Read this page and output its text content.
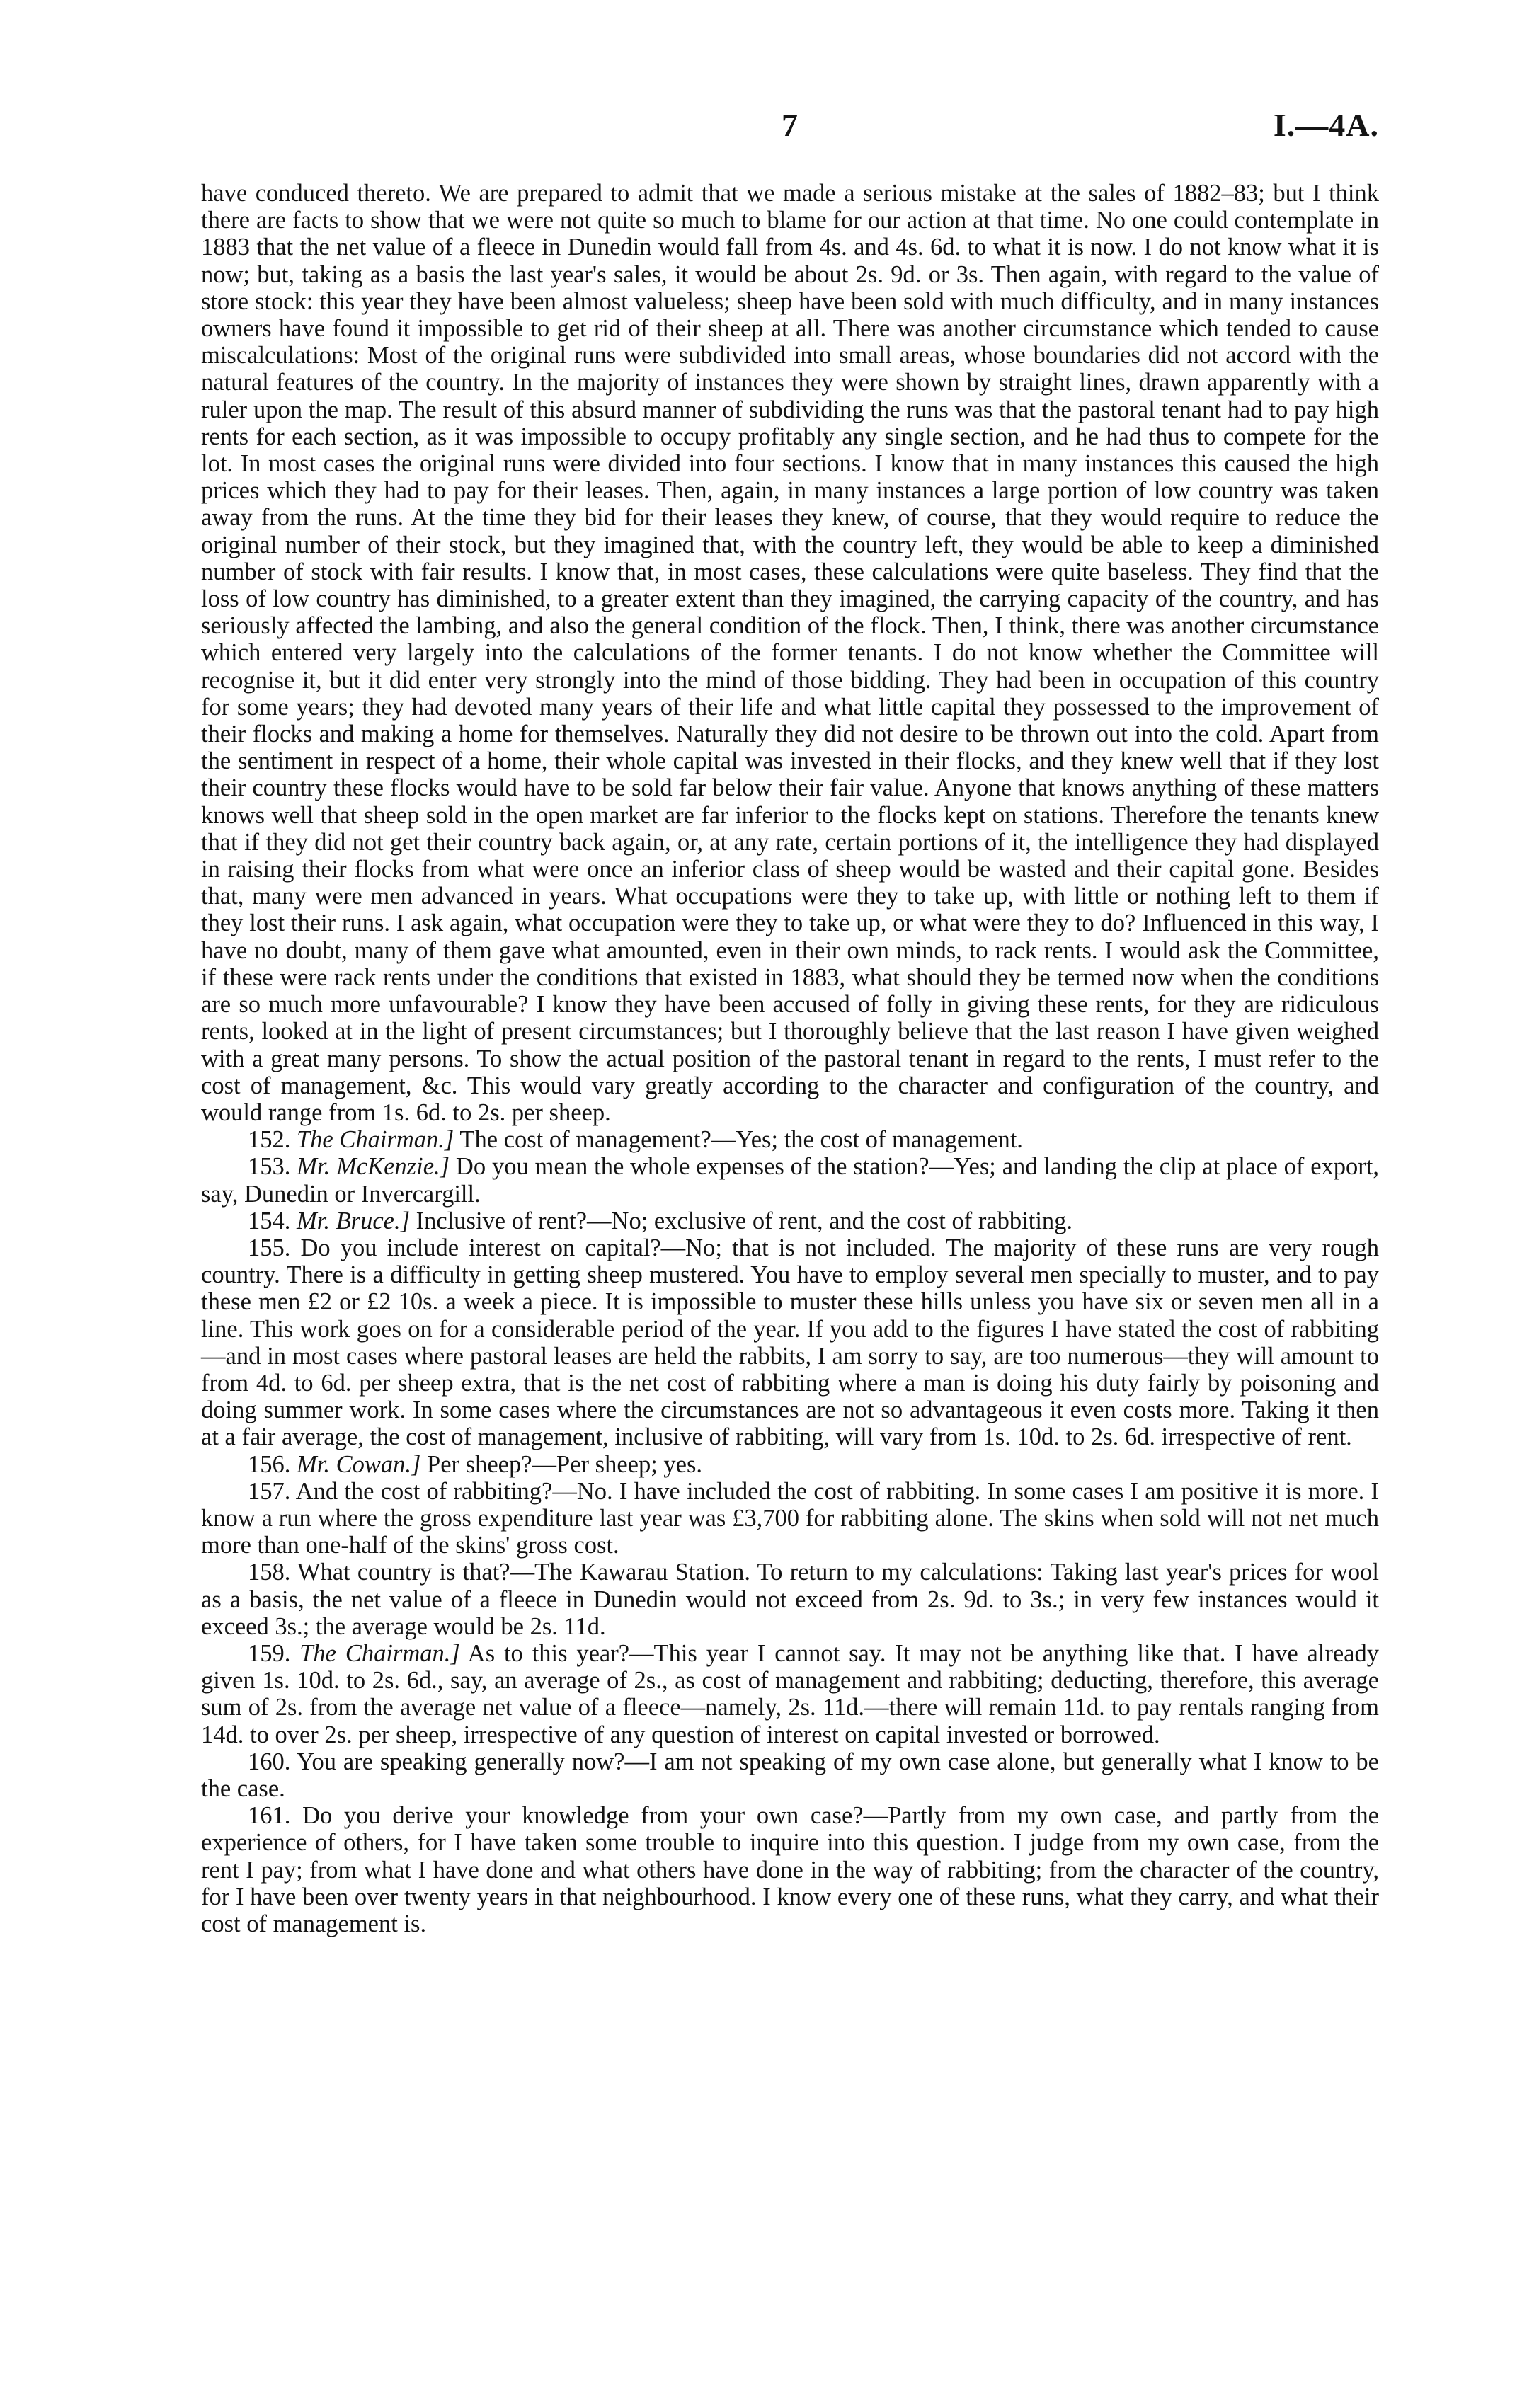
7	I.—4A.

have conduced thereto. We are prepared to admit that we made a serious mistake at the sales of 1882–83; but I think there are facts to show that we were not quite so much to blame for our action at that time. No one could contemplate in 1883 that the net value of a fleece in Dunedin would fall from 4s. and 4s. 6d. to what it is now. I do not know what it is now; but, taking as a basis the last year's sales, it would be about 2s. 9d. or 3s. Then again, with regard to the value of store stock: this year they have been almost valueless; sheep have been sold with much difficulty, and in many instances owners have found it impossible to get rid of their sheep at all. There was another circumstance which tended to cause miscalculations: Most of the original runs were subdivided into small areas, whose boundaries did not accord with the natural features of the country. In the majority of instances they were shown by straight lines, drawn apparently with a ruler upon the map. The result of this absurd manner of subdividing the runs was that the pastoral tenant had to pay high rents for each section, as it was impossible to occupy profitably any single section, and he had thus to compete for the lot. In most cases the original runs were divided into four sections. I know that in many instances this caused the high prices which they had to pay for their leases. Then, again, in many instances a large portion of low country was taken away from the runs. At the time they bid for their leases they knew, of course, that they would require to reduce the original number of their stock, but they imagined that, with the country left, they would be able to keep a diminished number of stock with fair results. I know that, in most cases, these calculations were quite baseless. They find that the loss of low country has diminished, to a greater extent than they imagined, the carrying capacity of the country, and has seriously affected the lambing, and also the general condition of the flock. Then, I think, there was another circumstance which entered very largely into the calculations of the former tenants. I do not know whether the Committee will recognise it, but it did enter very strongly into the mind of those bidding. They had been in occupation of this country for some years; they had devoted many years of their life and what little capital they possessed to the improvement of their flocks and making a home for themselves. Naturally they did not desire to be thrown out into the cold. Apart from the sentiment in respect of a home, their whole capital was invested in their flocks, and they knew well that if they lost their country these flocks would have to be sold far below their fair value. Anyone that knows anything of these matters knows well that sheep sold in the open market are far inferior to the flocks kept on stations. Therefore the tenants knew that if they did not get their country back again, or, at any rate, certain portions of it, the intelligence they had displayed in raising their flocks from what were once an inferior class of sheep would be wasted and their capital gone. Besides that, many were men advanced in years. What occupations were they to take up, with little or nothing left to them if they lost their runs. I ask again, what occupation were they to take up, or what were they to do? Influenced in this way, I have no doubt, many of them gave what amounted, even in their own minds, to rack rents. I would ask the Committee, if these were rack rents under the conditions that existed in 1883, what should they be termed now when the conditions are so much more unfavourable? I know they have been accused of folly in giving these rents, for they are ridiculous rents, looked at in the light of present circumstances; but I thoroughly believe that the last reason I have given weighed with a great many persons. To show the actual position of the pastoral tenant in regard to the rents, I must refer to the cost of management, &c. This would vary greatly according to the character and configuration of the country, and would range from 1s. 6d. to 2s. per sheep.

152. The Chairman.] The cost of management?—Yes; the cost of management.

153. Mr. McKenzie.] Do you mean the whole expenses of the station?—Yes; and landing the clip at place of export, say, Dunedin or Invercargill.

154. Mr. Bruce.] Inclusive of rent?—No; exclusive of rent, and the cost of rabbiting.

155. Do you include interest on capital?—No; that is not included. The majority of these runs are very rough country. There is a difficulty in getting sheep mustered. You have to employ several men specially to muster, and to pay these men £2 or £2 10s. a week a piece. It is impossible to muster these hills unless you have six or seven men all in a line. This work goes on for a considerable period of the year. If you add to the figures I have stated the cost of rabbiting—and in most cases where pastoral leases are held the rabbits, I am sorry to say, are too numerous—they will amount to from 4d. to 6d. per sheep extra, that is the net cost of rabbiting where a man is doing his duty fairly by poisoning and doing summer work. In some cases where the circumstances are not so advantageous it even costs more. Taking it then at a fair average, the cost of management, inclusive of rabbiting, will vary from 1s. 10d. to 2s. 6d. irrespective of rent.

156. Mr. Cowan.] Per sheep?—Per sheep; yes.

157. And the cost of rabbiting?—No. I have included the cost of rabbiting. In some cases I am positive it is more. I know a run where the gross expenditure last year was £3,700 for rabbiting alone. The skins when sold will not net much more than one-half of the skins' gross cost.

158. What country is that?—The Kawarau Station. To return to my calculations: Taking last year's prices for wool as a basis, the net value of a fleece in Dunedin would not exceed from 2s. 9d. to 3s.; in very few instances would it exceed 3s.; the average would be 2s. 11d.

159. The Chairman.] As to this year?—This year I cannot say. It may not be anything like that. I have already given 1s. 10d. to 2s. 6d., say, an average of 2s., as cost of management and rabbiting; deducting, therefore, this average sum of 2s. from the average net value of a fleece—namely, 2s. 11d.—there will remain 11d. to pay rentals ranging from 14d. to over 2s. per sheep, irrespective of any question of interest on capital invested or borrowed.

160. You are speaking generally now?—I am not speaking of my own case alone, but generally what I know to be the case.

161. Do you derive your knowledge from your own case?—Partly from my own case, and partly from the experience of others, for I have taken some trouble to inquire into this question. I judge from my own case, from the rent I pay; from what I have done and what others have done in the way of rabbiting; from the character of the country, for I have been over twenty years in that neighbourhood. I know every one of these runs, what they carry, and what their cost of management is.
